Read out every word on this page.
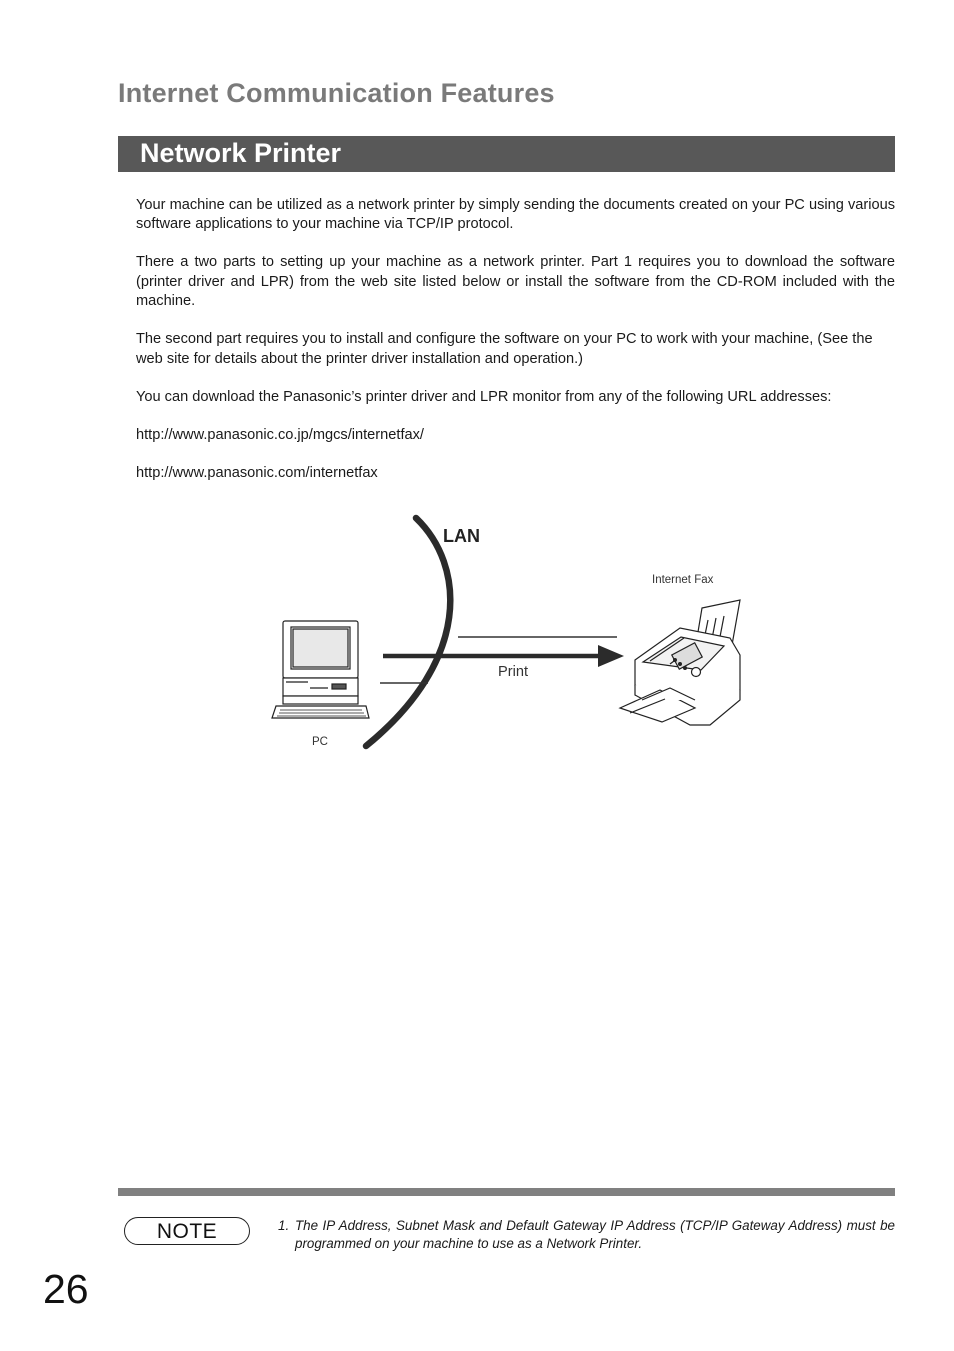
Internet Communication Features
Network Printer

Your machine can be utilized as a network printer by simply sending the documents created on your PC using various software applications to your machine via TCP/IP protocol.

There a two parts to setting up your machine as a network printer. Part 1 requires you to download the software (printer driver and LPR) from the web site listed below or install the software from the CD-ROM included with the machine.

The second part requires you to install and configure the software on your PC to work with your machine, (See the web site for details about the printer driver installation and operation.)

You can download the Panasonic’s printer driver and LPR monitor from any of the following URL addresses:

http://www.panasonic.co.jp/mgcs/internetfax/

http://www.panasonic.com/internetfax

LAN
Internet Fax
Print
PC
NOTE	1. The IP Address, Subnet Mask and Default Gateway IP Address (TCP/IP Gateway Address) must be programmed on your machine to use as a Network Printer.
26
